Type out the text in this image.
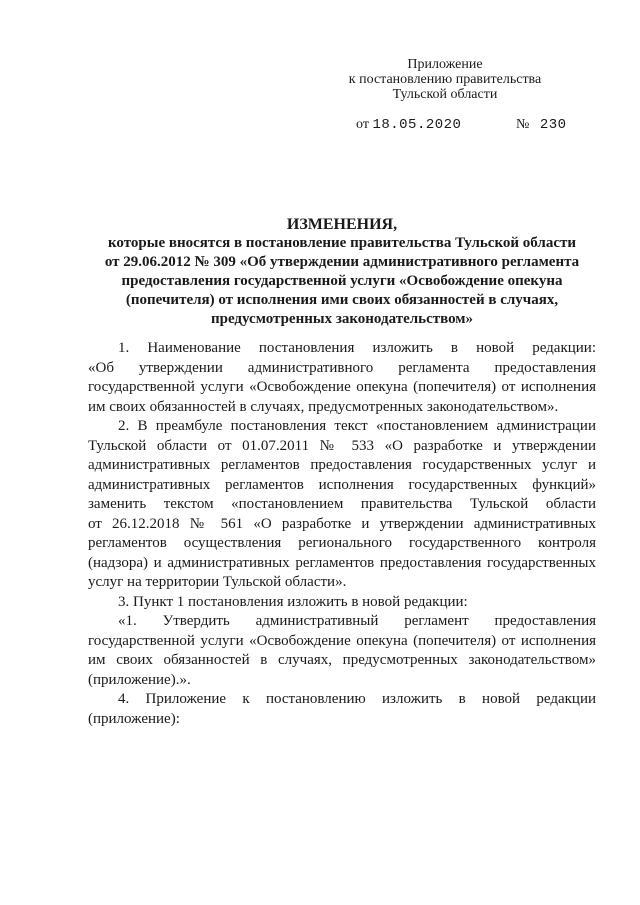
Приложение
к постановлению правительства
Тульской области
от 18.05.2020	№ 230
ИЗМЕНЕНИЯ,
которые вносятся в постановление правительства Тульской области
от 29.06.2012 № 309 «Об утверждении административного регламента
предоставления государственной услуги «Освобождение опекуна
(попечителя) от исполнения ими своих обязанностей в случаях,
предусмотренных законодательством»
1. Наименование постановления изложить в новой редакции:
«Об утверждении административного регламента предоставления
государственной услуги «Освобождение опекуна (попечителя) от исполнения
им своих обязанностей в случаях, предусмотренных законодательством».
2. В преамбуле постановления текст «постановлением администрации
Тульской области от 01.07.2011 № 533 «О разработке и утверждении
административных регламентов предоставления государственных услуг и
административных регламентов исполнения государственных функций»
заменить текстом «постановлением правительства Тульской области
от 26.12.2018 № 561 «О разработке и утверждении административных
регламентов осуществления регионального государственного контроля
(надзора) и административных регламентов предоставления государственных
услуг на территории Тульской области».
3. Пункт 1 постановления изложить в новой редакции:
«1. Утвердить административный регламент предоставления
государственной услуги «Освобождение опекуна (попечителя) от исполнения
им своих обязанностей в случаях, предусмотренных законодательством»
(приложение).».
4. Приложение к постановлению изложить в новой редакции
(приложение):
